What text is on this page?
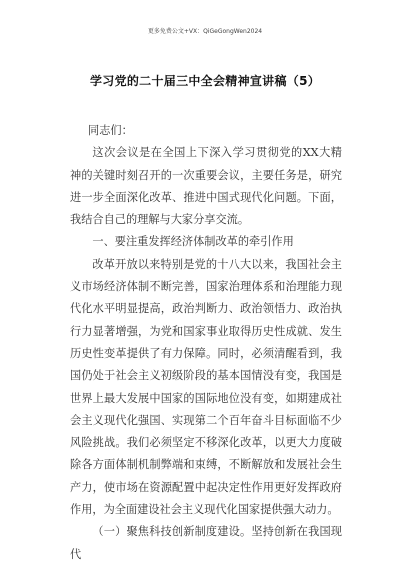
更多免费公文+VX：QiGeGongWen2024
学习党的二十届三中全会精神宣讲稿（5）

同志们：

这次会议是在全国上下深入学习贯彻党的XX大精神的关键时刻召开的一次重要会议，主要任务是，研究进一步全面深化改革、推进中国式现代化问题。下面，我结合自己的理解与大家分享交流。

一、要注重发挥经济体制改革的牵引作用

改革开放以来特别是党的十八大以来，我国社会主义市场经济体制不断完善，国家治理体系和治理能力现代化水平明显提高，政治判断力、政治领悟力、政治执行力显著增强，为党和国家事业取得历史性成就、发生历史性变革提供了有力保障。同时，必须清醒看到，我国仍处于社会主义初级阶段的基本国情没有变，我国是世界上最大发展中国家的国际地位没有变，如期建成社会主义现代化强国、实现第二个百年奋斗目标面临不少风险挑战。我们必须坚定不移深化改革，以更大力度破除各方面体制机制弊端和束缚，不断解放和发展社会生产力，使市场在资源配置中起决定性作用更好发挥政府作用，为全面建设社会主义现代化国家提供强大动力。

（一）聚焦科技创新制度建设。坚持创新在我国现代
